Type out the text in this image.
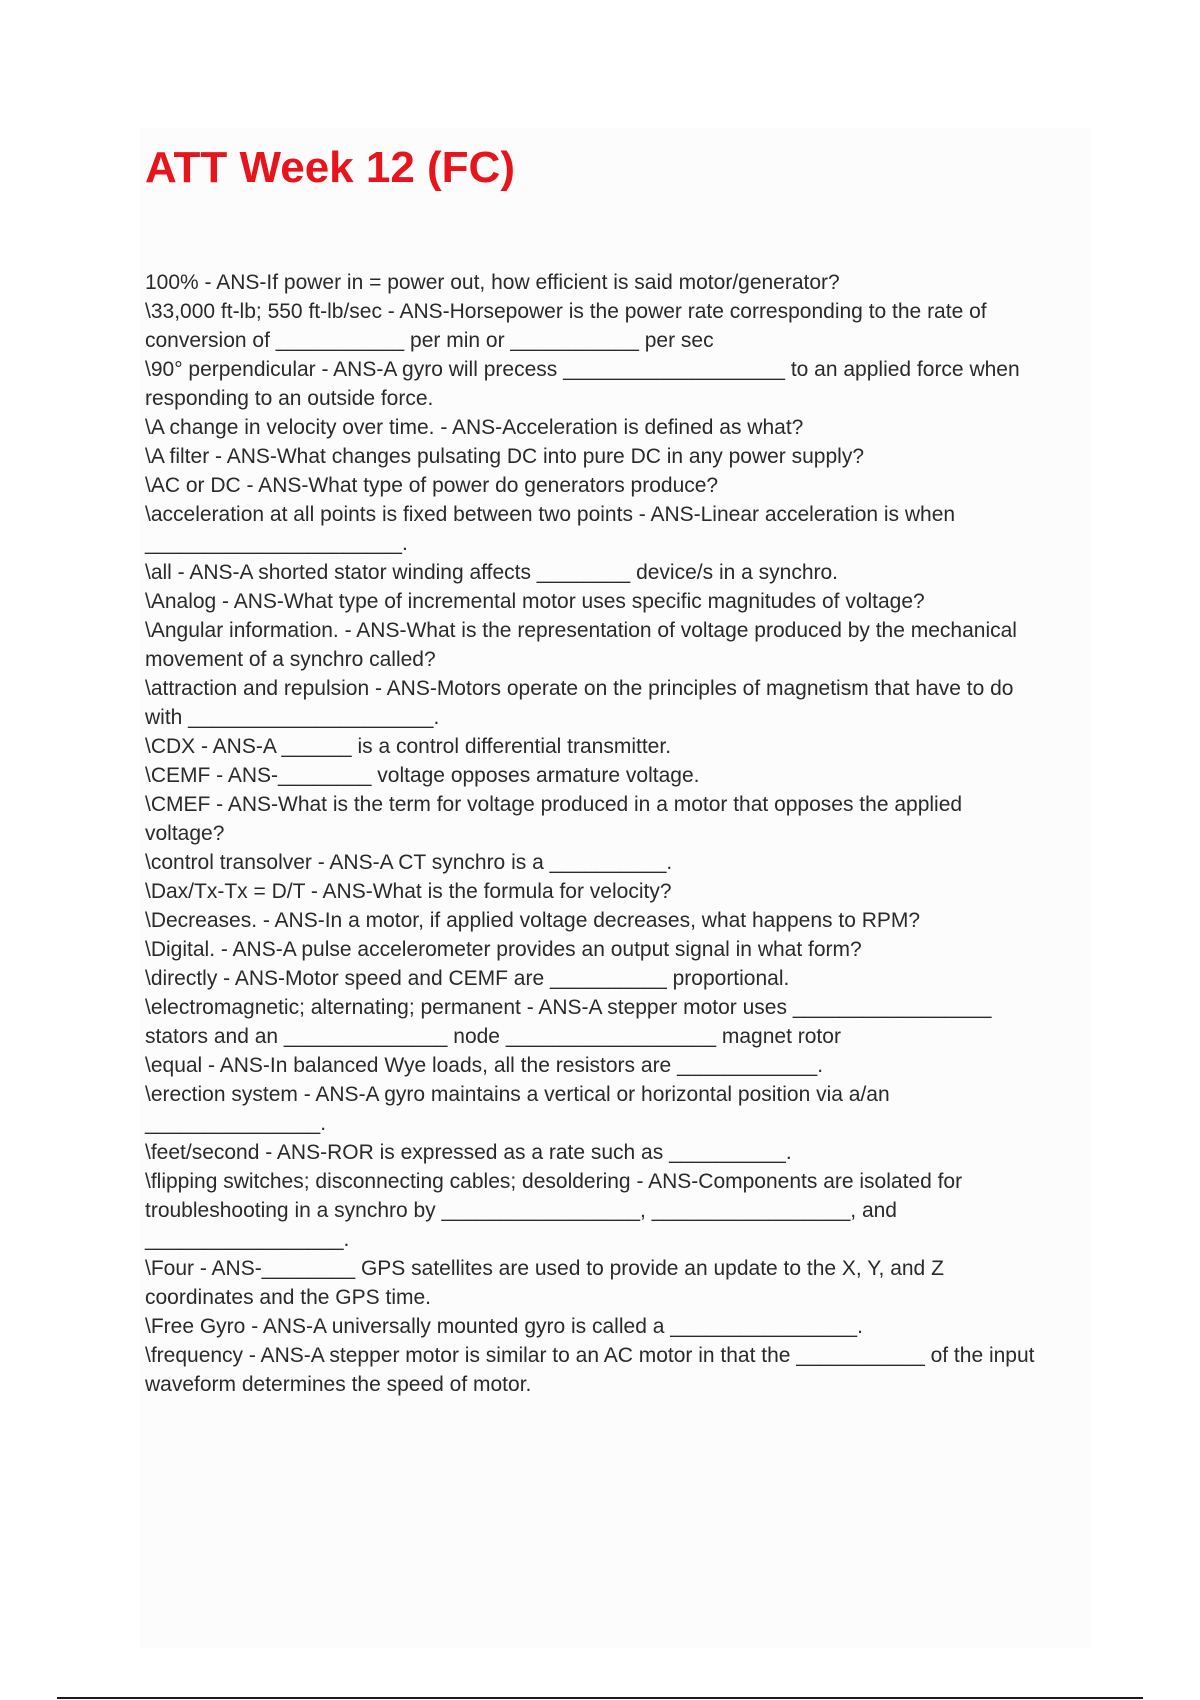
ATT Week 12 (FC)
100% - ANS-If power in = power out, how efficient is said motor/generator?
\33,000 ft-lb; 550 ft-lb/sec - ANS-Horsepower is the power rate corresponding to the rate of
conversion of ___________ per min or ___________ per sec
\90° perpendicular - ANS-A gyro will precess ___________________ to an applied force when
responding to an outside force.
\A change in velocity over time. - ANS-Acceleration is defined as what?
\A filter - ANS-What changes pulsating DC into pure DC in any power supply?
\AC or DC - ANS-What type of power do generators produce?
\acceleration at all points is fixed between two points - ANS-Linear acceleration is when
______________________.
\all - ANS-A shorted stator winding affects ________ device/s in a synchro.
\Analog - ANS-What type of incremental motor uses specific magnitudes of voltage?
\Angular information. - ANS-What is the representation of voltage produced by the mechanical
movement of a synchro called?
\attraction and repulsion - ANS-Motors operate on the principles of magnetism that have to do
with _____________________.
\CDX - ANS-A ______ is a control differential transmitter.
\CEMF - ANS-________ voltage opposes armature voltage.
\CMEF - ANS-What is the term for voltage produced in a motor that opposes the applied
voltage?
\control transolver - ANS-A CT synchro is a __________.
\Dax/Tx-Tx = D/T - ANS-What is the formula for velocity?
\Decreases. - ANS-In a motor, if applied voltage decreases, what happens to RPM?
\Digital. - ANS-A pulse accelerometer provides an output signal in what form?
\directly - ANS-Motor speed and CEMF are __________ proportional.
\electromagnetic; alternating; permanent - ANS-A stepper motor uses _________________
stators and an ______________ node __________________ magnet rotor
\equal - ANS-In balanced Wye loads, all the resistors are ____________.
\erection system - ANS-A gyro maintains a vertical or horizontal position via a/an
_______________.
\feet/second - ANS-ROR is expressed as a rate such as __________.
\flipping switches; disconnecting cables; desoldering - ANS-Components are isolated for
troubleshooting in a synchro by _________________, _________________, and
_________________.
\Four - ANS-________ GPS satellites are used to provide an update to the X, Y, and Z
coordinates and the GPS time.
\Free Gyro - ANS-A universally mounted gyro is called a ________________.
\frequency - ANS-A stepper motor is similar to an AC motor in that the ___________ of the input
waveform determines the speed of motor.
